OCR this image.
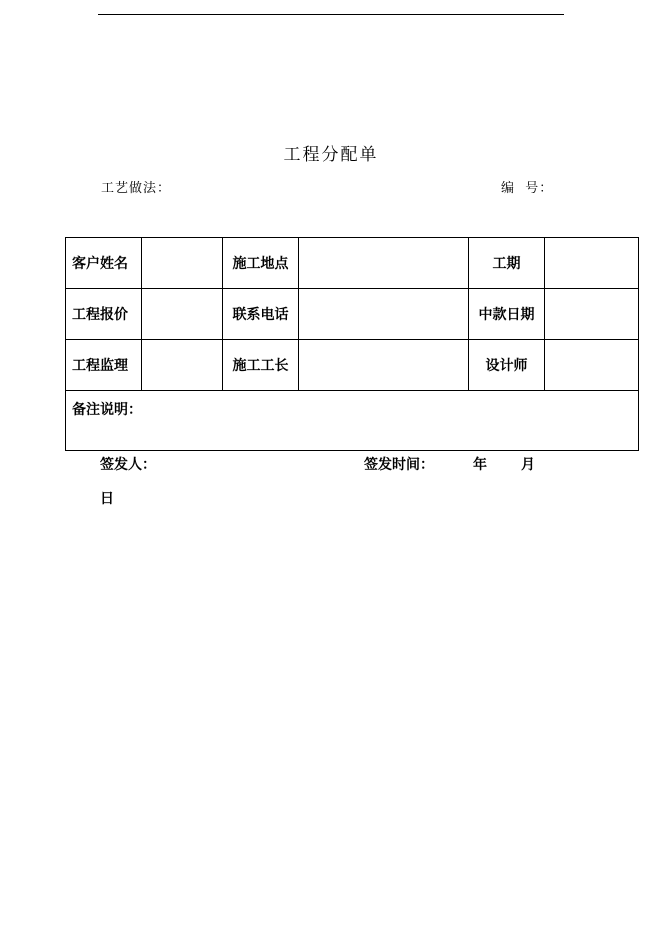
工程分配单
工艺做法：	编  号：
客户姓名		施工地点		工期	
工程报价		联系电话		中款日期	
工程监理		施工工长		设计师	
备注说明：					
签发人：	签发时间：	年 月
日
